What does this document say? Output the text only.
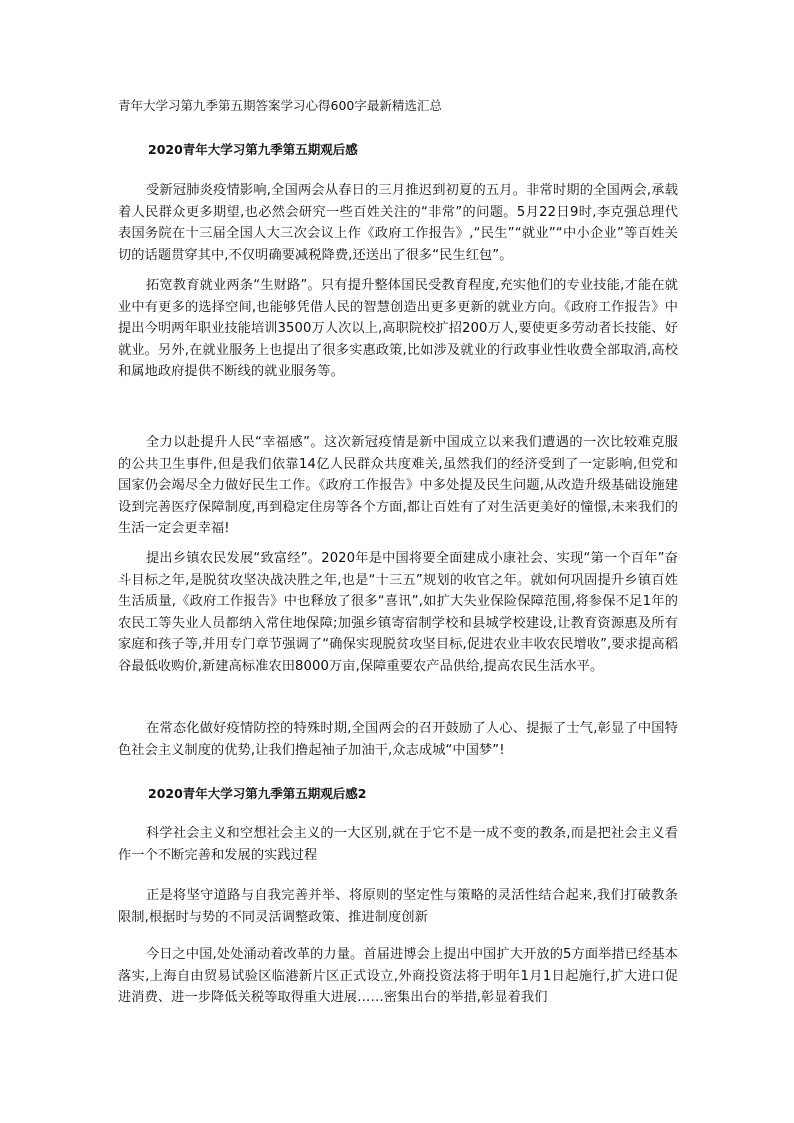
青年大学习第九季第五期答案学习心得600字最新精选汇总
2020青年大学习第九季第五期观后感

受新冠肺炎疫情影响,全国两会从春日的三月推迟到初夏的五月。非常时期的全国两会,承载着人民群众更多期望,也必然会研究一些百姓关注的“非常”的问题。5月22日9时,李克强总理代表国务院在十三届全国人大三次会议上作《政府工作报告》,“民生”“就业”“中小企业”等百姓关切的话题贯穿其中,不仅明确要减税降费,还送出了很多“民生红包”。

拓宽教育就业两条“生财路”。只有提升整体国民受教育程度,充实他们的专业技能,才能在就业中有更多的选择空间,也能够凭借人民的智慧创造出更多更新的就业方向。《政府工作报告》中提出今明两年职业技能培训3500万人次以上,高职院校扩招200万人,要使更多劳动者长技能、好就业。另外,在就业服务上也提出了很多实惠政策,比如涉及就业的行政事业性收费全部取消,高校和属地政府提供不断线的就业服务等。

全力以赴提升人民“幸福感”。这次新冠疫情是新中国成立以来我们遭遇的一次比较难克服的公共卫生事件,但是我们依靠14亿人民群众共度难关,虽然我们的经济受到了一定影响,但党和国家仍会竭尽全力做好民生工作。《政府工作报告》中多处提及民生问题,从改造升级基础设施建设到完善医疗保障制度,再到稳定住房等各个方面,都让百姓有了对生活更美好的憧憬,未来我们的生活一定会更幸福!

提出乡镇农民发展“致富经”。2020年是中国将要全面建成小康社会、实现“第一个百年”奋斗目标之年,是脱贫攻坚决战决胜之年,也是“十三五”规划的收官之年。就如何巩固提升乡镇百姓生活质量,《政府工作报告》中也释放了很多“喜讯”,如扩大失业保险保障范围,将参保不足1年的农民工等失业人员都纳入常住地保障;加强乡镇寄宿制学校和县城学校建设,让教育资源惠及所有家庭和孩子等,并用专门章节强调了“确保实现脱贫攻坚目标,促进农业丰收农民增收”,要求提高稻谷最低收购价,新建高标准农田8000万亩,保障重要农产品供给,提高农民生活水平。

在常态化做好疫情防控的特殊时期,全国两会的召开鼓励了人心、提振了士气,彰显了中国特色社会主义制度的优势,让我们撸起袖子加油干,众志成城“中国梦”!

2020青年大学习第九季第五期观后感2

科学社会主义和空想社会主义的一大区别,就在于它不是一成不变的教条,而是把社会主义看作一个不断完善和发展的实践过程

正是将坚守道路与自我完善并举、将原则的坚定性与策略的灵活性结合起来,我们打破教条限制,根据时与势的不同灵活调整政策、推进制度创新

今日之中国,处处涌动着改革的力量。首届进博会上提出中国扩大开放的5方面举措已经基本落实,上海自由贸易试验区临港新片区正式设立,外商投资法将于明年1月1日起施行,扩大进口促进消费、进一步降低关税等取得重大进展……密集出台的举措,彰显着我们
